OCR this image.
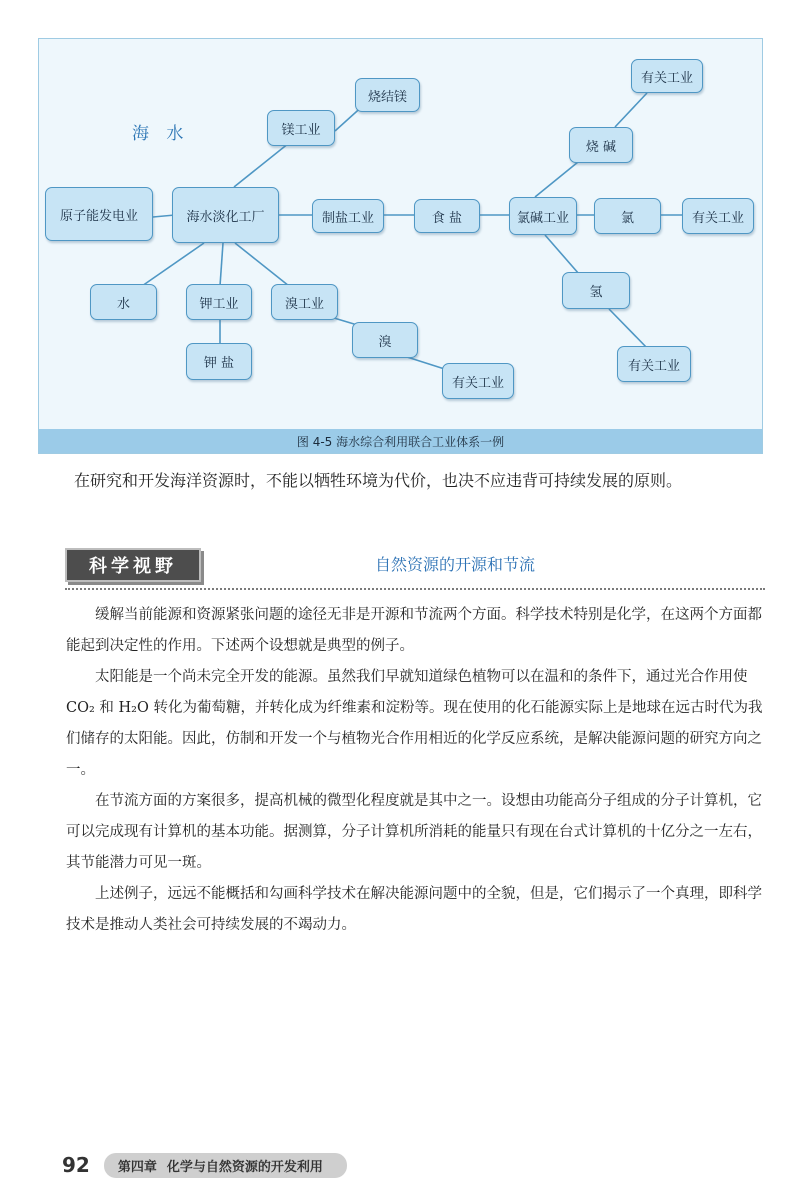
海 水
原子能发电业	海水淡化工厂
镁工业
烧结镁
制盐工业	食 盐	氯碱工业
烧 碱
有关工业
氯	有关工业
氢
有关工业
水	钾工业	溴工业
钾 盐
溴
有关工业
图 4-5 海水综合利用联合工业体系一例
在研究和开发海洋资源时，不能以牺牲环境为代价，也决不应违背可持续发展的原则。
科学视野	自然资源的开源和节流

缓解当前能源和资源紧张问题的途径无非是开源和节流两个方面。科学技术特别是化学，在这两个方面都能起到决定性的作用。下述两个设想就是典型的例子。

太阳能是一个尚未完全开发的能源。虽然我们早就知道绿色植物可以在温和的条件下，通过光合作用使 CO₂ 和 H₂O 转化为葡萄糖，并转化成为纤维素和淀粉等。现在使用的化石能源实际上是地球在远古时代为我们储存的太阳能。因此，仿制和开发一个与植物光合作用相近的化学反应系统，是解决能源问题的研究方向之一。

在节流方面的方案很多，提高机械的微型化程度就是其中之一。设想由功能高分子组成的分子计算机，它可以完成现有计算机的基本功能。据测算，分子计算机所消耗的能量只有现在台式计算机的十亿分之一左右，其节能潜力可见一斑。

上述例子，远远不能概括和勾画科学技术在解决能源问题中的全貌，但是，它们揭示了一个真理，即科学技术是推动人类社会可持续发展的不竭动力。

92	第四章 化学与自然资源的开发利用
